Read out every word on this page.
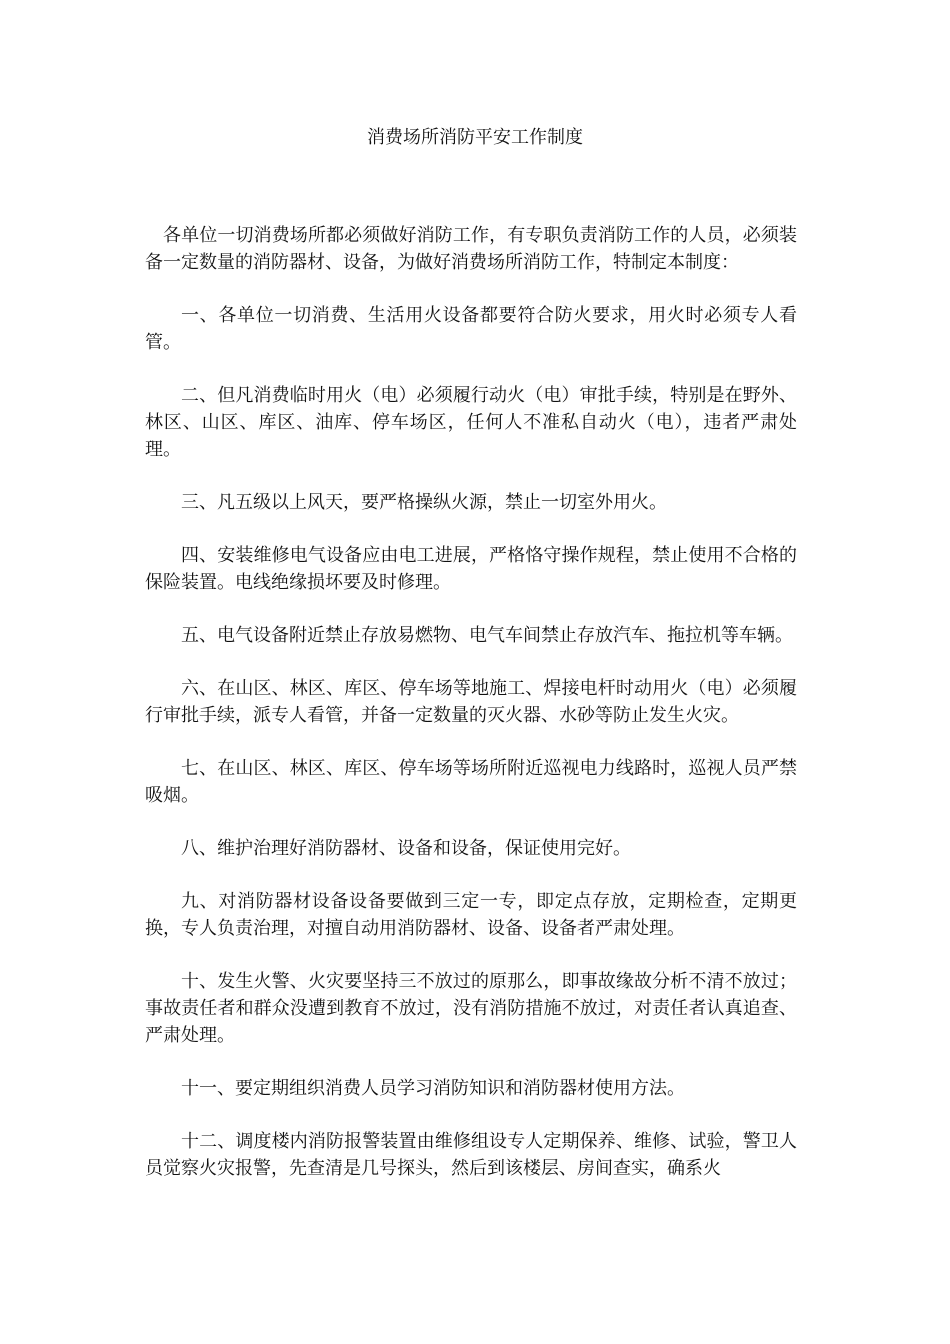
消费场所消防平安工作制度

各单位一切消费场所都必须做好消防工作，有专职负责消防工作的人员，必须装备一定数量的消防器材、设备，为做好消费场所消防工作，特制定本制度：

一、各单位一切消费、生活用火设备都要符合防火要求，用火时必须专人看管。

二、但凡消费临时用火（电）必须履行动火（电）审批手续，特别是在野外、林区、山区、库区、油库、停车场区，任何人不准私自动火（电），违者严肃处理。

三、凡五级以上风天，要严格操纵火源，禁止一切室外用火。

四、安装维修电气设备应由电工进展，严格恪守操作规程，禁止使用不合格的保险装置。电线绝缘损坏要及时修理。

五、电气设备附近禁止存放易燃物、电气车间禁止存放汽车、拖拉机等车辆。

六、在山区、林区、库区、停车场等地施工、焊接电杆时动用火（电）必须履行审批手续，派专人看管，并备一定数量的灭火器、水砂等防止发生火灾。

七、在山区、林区、库区、停车场等场所附近巡视电力线路时，巡视人员严禁吸烟。

八、维护治理好消防器材、设备和设备，保证使用完好。

九、对消防器材设备设备要做到三定一专，即定点存放，定期检查，定期更换，专人负责治理，对擅自动用消防器材、设备、设备者严肃处理。

十、发生火警、火灾要坚持三不放过的原那么，即事故缘故分析不清不放过；事故责任者和群众没遭到教育不放过，没有消防措施不放过，对责任者认真追查、严肃处理。

十一、要定期组织消费人员学习消防知识和消防器材使用方法。

十二、调度楼内消防报警装置由维修组设专人定期保养、维修、试验，警卫人员觉察火灾报警，先查清是几号探头，然后到该楼层、房间查实，确系火
